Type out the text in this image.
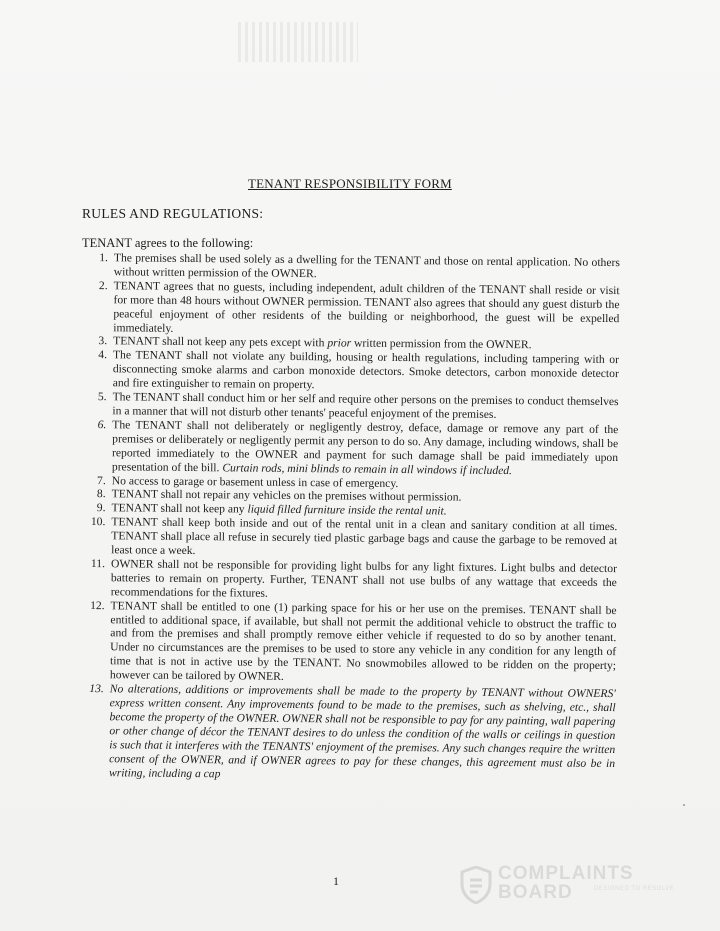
TENANT RESPONSIBILITY FORM
RULES AND REGULATIONS:
TENANT agrees to the following:
1. The premises shall be used solely as a dwelling for the TENANT and those on rental application. No others without written permission of the OWNER.
2. TENANT agrees that no guests, including independent, adult children of the TENANT shall reside or visit for more than 48 hours without OWNER permission. TENANT also agrees that should any guest disturb the peaceful enjoyment of other residents of the building or neighborhood, the guest will be expelled immediately.
3. TENANT shall not keep any pets except with prior written permission from the OWNER.
4. The TENANT shall not violate any building, housing or health regulations, including tampering with or disconnecting smoke alarms and carbon monoxide detectors. Smoke detectors, carbon monoxide detector and fire extinguisher to remain on property.
5. The TENANT shall conduct him or her self and require other persons on the premises to conduct themselves in a manner that will not disturb other tenants' peaceful enjoyment of the premises.
6. The TENANT shall not deliberately or negligently destroy, deface, damage or remove any part of the premises or deliberately or negligently permit any person to do so. Any damage, including windows, shall be reported immediately to the OWNER and payment for such damage shall be paid immediately upon presentation of the bill. Curtain rods, mini blinds to remain in all windows if included.
7. No access to garage or basement unless in case of emergency.
8. TENANT shall not repair any vehicles on the premises without permission.
9. TENANT shall not keep any liquid filled furniture inside the rental unit.
10. TENANT shall keep both inside and out of the rental unit in a clean and sanitary condition at all times. TENANT shall place all refuse in securely tied plastic garbage bags and cause the garbage to be removed at least once a week.
11. OWNER shall not be responsible for providing light bulbs for any light fixtures. Light bulbs and detector batteries to remain on property. Further, TENANT shall not use bulbs of any wattage that exceeds the recommendations for the fixtures.
12. TENANT shall be entitled to one (1) parking space for his or her use on the premises. TENANT shall be entitled to additional space, if available, but shall not permit the additional vehicle to obstruct the traffic to and from the premises and shall promptly remove either vehicle if requested to do so by another tenant. Under no circumstances are the premises to be used to store any vehicle in any condition for any length of time that is not in active use by the TENANT. No snowmobiles allowed to be ridden on the property; however can be tailored by OWNER.
13. No alterations, additions or improvements shall be made to the property by TENANT without OWNERS' express written consent. Any improvements found to be made to the premises, such as shelving, etc., shall become the property of the OWNER. OWNER shall not be responsible to pay for any painting, wall papering or other change of décor the TENANT desires to do unless the condition of the walls or ceilings in question is such that it interferes with the TENANTS' enjoyment of the premises. Any such changes require the written consent of the OWNER, and if OWNER agrees to pay for these changes, this agreement must also be in writing, including a cap
1	COMPLAINTS
BOARD	DESIGNED TO RESOLVE
